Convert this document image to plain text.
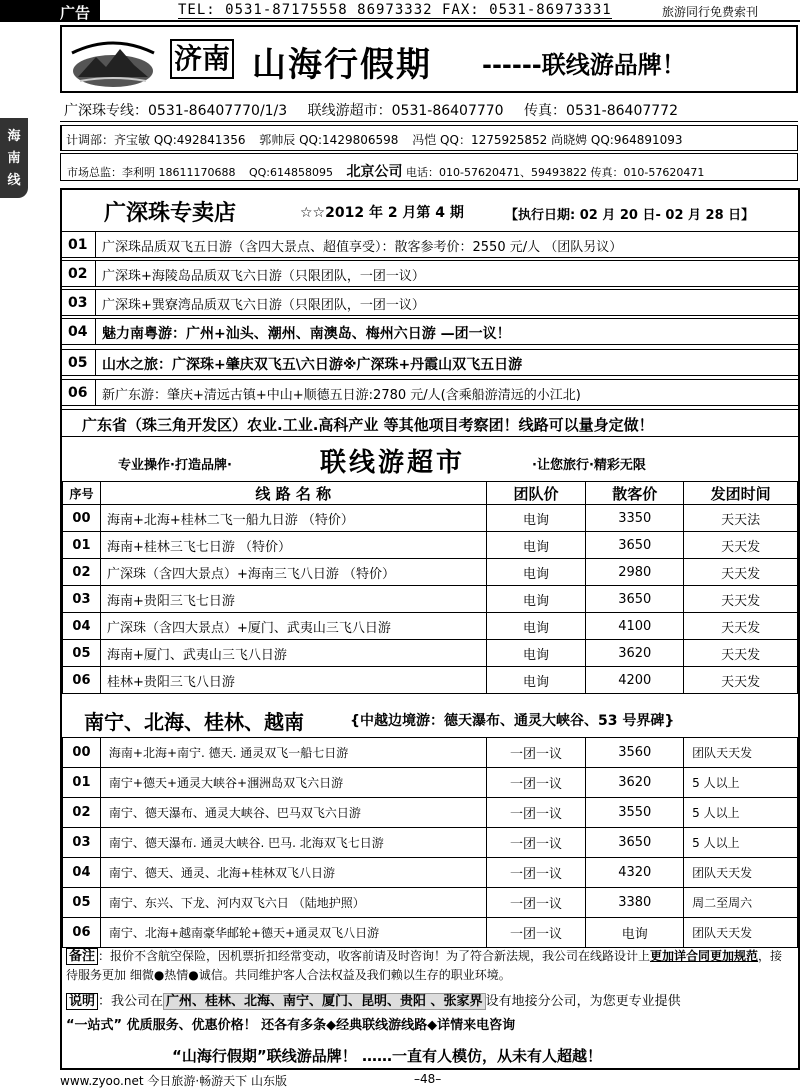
广告	TEL: 0531-87175558 86973332 FAX: 0531-86973331	旅游同行免费索刊
海
南
线
济南 山海行假期 ------联线游品牌！
广深珠专线：0531-86407770/1/3 联线游超市：0531-86407770 传真：0531-86407772
计调部：齐宝敏 QQ:492841356 郭帅辰 QQ:1429806598 冯恺 QQ：1275925852 尚晓娉 QQ:964891093
市场总监：李利明 18611170688 QQ:614858095 北京公司 电话：010-57620471、59493822 传真：010-57620471
广深珠专卖店	☆☆2012 年 2 月第 4 期	【执行日期: 02 月 20 日- 02 月 28 日】
01	广深珠品质双飞五日游（含四大景点、超值享受）：散客参考价：2550 元/人 （团队另议）
02	广深珠+海陵岛品质双飞六日游（只限团队，一团一议）
03	广深珠+巽寮湾品质双飞六日游（只限团队，一团一议）
04	魅力南粤游：广州+汕头、潮州、南澳岛、梅州六日游 —团一议！
05	山水之旅：广深珠+肇庆双飞五\六日游※广深珠+丹霞山双飞五日游
06	新广东游：肇庆+清远古镇+中山+顺德五日游:2780 元/人(含乘船游清远的小江北)
广东省（珠三角开发区）农业.工业.高科产业 等其他项目考察团！线路可以量身定做！
专业操作·打造品牌·	联线游超市	·让您旅行·精彩无限
序号	线 路 名 称	团队价	散客价	发团时间
00	海南+北海+桂林二飞一船九日游 （特价）	电询	3350	天天法
01	海南+桂林三飞七日游 （特价）	电询	3650	天天发
02	广深珠（含四大景点）+海南三飞八日游 （特价）	电询	2980	天天发
03	海南+贵阳三飞七日游	电询	3650	天天发
04	广深珠（含四大景点）+厦门、武夷山三飞八日游	电询	4100	天天发
05	海南+厦门、武夷山三飞八日游	电询	3620	天天发
06	桂林+贵阳三飞八日游	电询	4200	天天发
南宁、北海、桂林、越南	{中越边境游：德天瀑布、通灵大峡谷、53 号界碑}
00	海南+北海+南宁. 德天. 通灵双飞一船七日游	一团一议	3560	团队天天发
01	南宁+德天+通灵大峡谷+涠洲岛双飞六日游	一团一议	3620	5 人以上
02	南宁、德天瀑布、通灵大峡谷、巴马双飞六日游	一团一议	3550	5 人以上
03	南宁、德天瀑布. 通灵大峡谷. 巴马. 北海双飞七日游	一团一议	3650	5 人以上
04	南宁、德天、通灵、北海+桂林双飞八日游	一团一议	4320	团队天天发
05	南宁、东兴、下龙、河内双飞六日 （陆地护照）	一团一议	3380	周二至周六
06	南宁、北海+越南豪华邮轮+德天+通灵双飞八日游	一团一议	电询	团队天天发
备注 ：报价不含航空保险，因机票折扣经常变动，收客前请及时咨询！为了符合新法规，我公司在线路设计上更加详合同更加规范，接待服务更加 细微●热情●诚信。共同维护客人合法权益及我们赖以生存的职业环境。
说明 ：我公司在 广州、桂林、北海、南宁、厦门、昆明、贵阳 、张家界 设有地接分公司，为您更专业提供
“一站式” 优质服务、优惠价格！ 还各有多条◆经典联线游线路◆详情来电咨询
“山海行假期”联线游品牌！ ……一直有人模仿，从未有人超越！
www.zyoo.net 今日旅游·畅游天下 山东版	–48–
